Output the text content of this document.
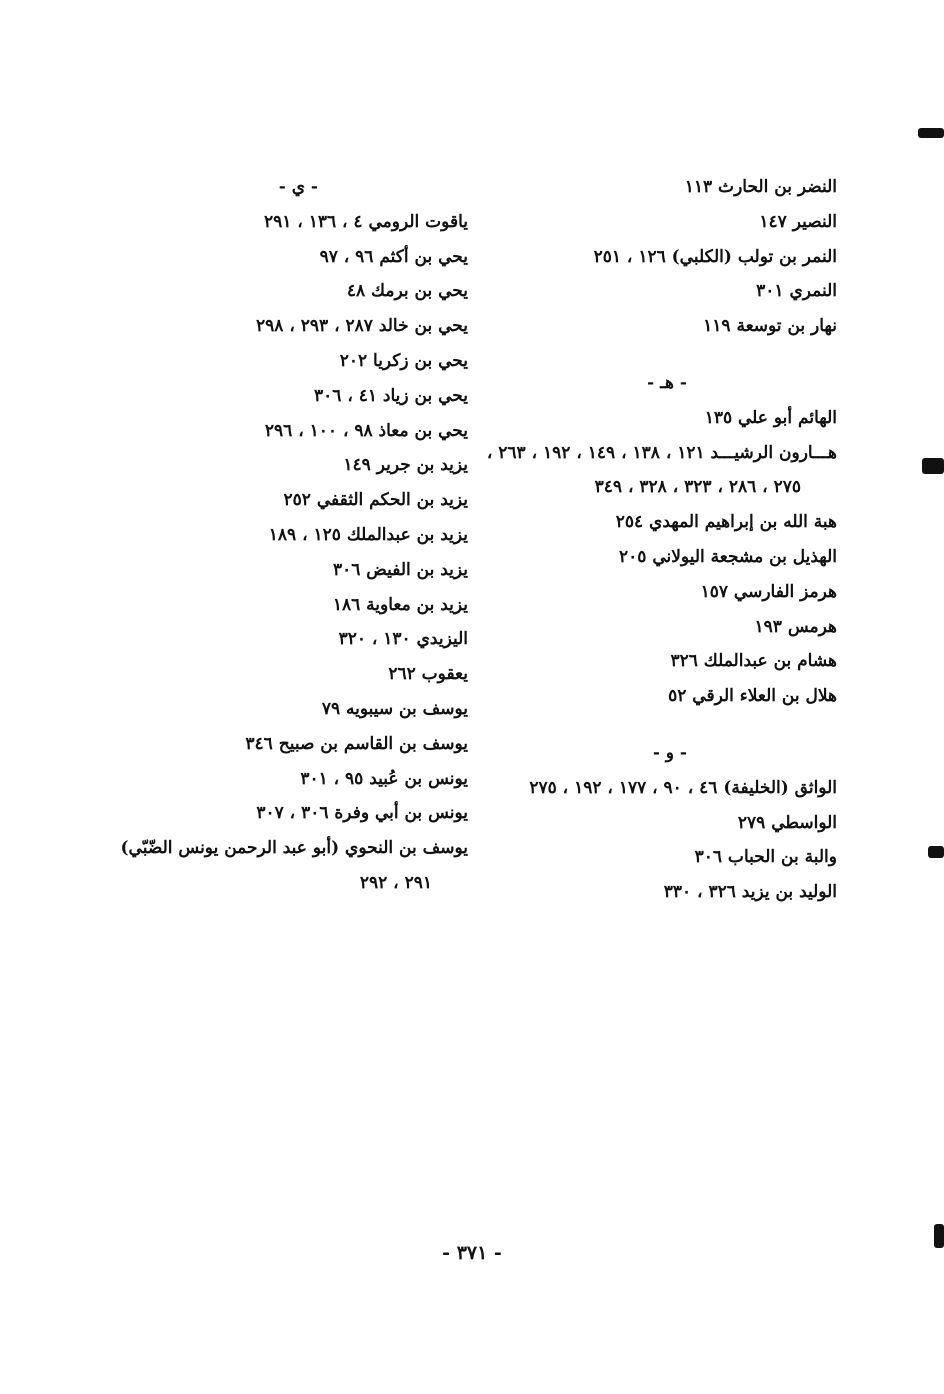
النضر بن الحارث ١١٣
النصير ١٤٧
النمر بن تولب (الكلبي) ١٢٦ ، ٢٥١
النمري ٣٠١
نهار بن توسعة ١١٩
- هـ -
الهائم أبو علي ١٣٥
هـــارون الرشيـــد ١٢١ ، ١٣٨ ، ١٤٩ ، ١٩٢ ، ٢٦٣ ،
٢٧٥ ، ٢٨٦ ، ٣٢٣ ، ٣٢٨ ، ٣٤٩
هبة الله بن إبراهيم المهدي ٢٥٤
الهذيل بن مشجعة اليولاني ٢٠٥
هرمز الفارسي ١٥٧
هرمس ١٩٣
هشام بن عبدالملك ٣٢٦
هلال بن العلاء الرقي ٥٢
- و -
الواثق (الخليفة) ٤٦ ، ٩٠ ، ١٧٧ ، ١٩٢ ، ٢٧٥
الواسطي ٢٧٩
والبة بن الحباب ٣٠٦
الوليد بن يزيد ٣٢٦ ، ٣٣٠
- ي -
ياقوت الرومي ٤ ، ١٣٦ ، ٢٩١
يحي بن أكثم ٩٦ ، ٩٧
يحي بن برمك ٤٨
يحي بن خالد ٢٨٧ ، ٢٩٣ ، ٢٩٨
يحي بن زكريا ٢٠٢
يحي بن زياد ٤١ ، ٣٠٦
يحي بن معاذ ٩٨ ، ١٠٠ ، ٢٩٦
يزيد بن جرير ١٤٩
يزيد بن الحكم الثقفي ٢٥٢
يزيد بن عبدالملك ١٢٥ ، ١٨٩
يزيد بن الفيض ٣٠٦
يزيد بن معاوية ١٨٦
اليزيدي ١٣٠ ، ٣٢٠
يعقوب ٢٦٢
يوسف بن سيبويه ٧٩
يوسف بن القاسم بن صبيح ٣٤٦
يونس بن عُبيد ٩٥ ، ٣٠١
يونس بن أبي وفرة ٣٠٦ ، ٣٠٧
يوسف بن النحوي (أبو عبد الرحمن يونس الضّبّي)
٢٩١ ، ٢٩٢
- ٣٧١ -
